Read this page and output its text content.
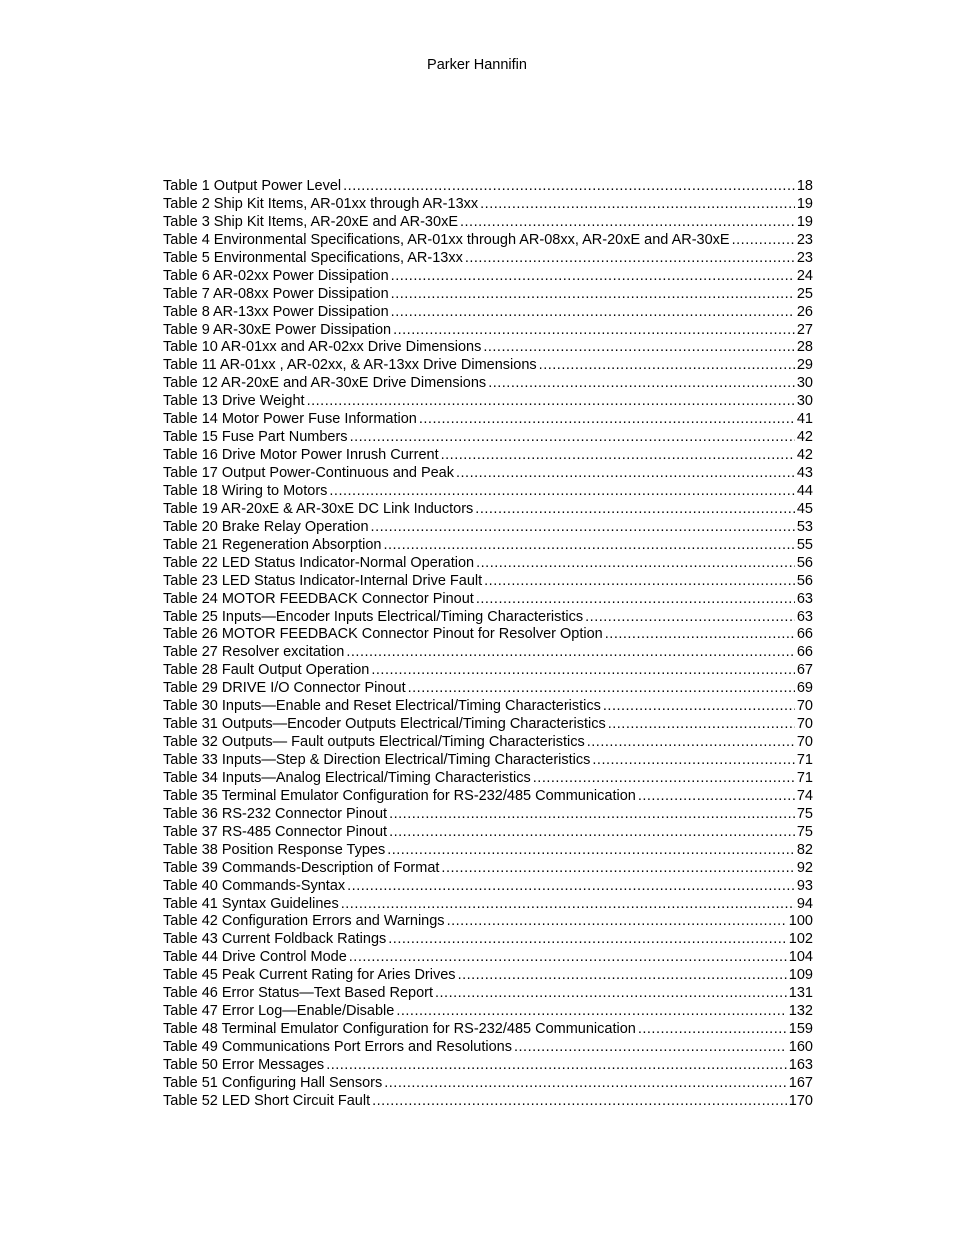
Parker Hannifin
Table 1 Output Power Level .....	18
Table 2 Ship Kit Items, AR-01xx through AR-13xx .....	19
Table 3 Ship Kit Items, AR-20xE and AR-30xE .....	19
Table 4 Environmental Specifications, AR-01xx through AR-08xx, AR-20xE and AR-30xE .....	23
Table 5 Environmental Specifications, AR-13xx .....	23
Table 6 AR-02xx Power Dissipation .....	24
Table 7 AR-08xx Power Dissipation .....	25
Table 8 AR-13xx Power Dissipation .....	26
Table 9 AR-30xE Power Dissipation .....	27
Table 10 AR-01xx and AR-02xx Drive Dimensions .....	28
Table 11 AR-01xx , AR-02xx, & AR-13xx Drive Dimensions .....	29
Table 12 AR-20xE and AR-30xE Drive Dimensions .....	30
Table 13 Drive Weight .....	30
Table 14 Motor Power Fuse Information .....	41
Table 15 Fuse Part Numbers .....	42
Table 16 Drive Motor Power Inrush Current .....	42
Table 17 Output Power-Continuous and Peak .....	43
Table 18 Wiring to Motors .....	44
Table 19 AR-20xE & AR-30xE DC Link Inductors .....	45
Table 20 Brake Relay Operation .....	53
Table 21 Regeneration Absorption .....	55
Table 22 LED Status Indicator-Normal Operation .....	56
Table 23 LED Status Indicator-Internal Drive Fault .....	56
Table 24 MOTOR FEEDBACK Connector Pinout .....	63
Table 25 Inputs—Encoder Inputs Electrical/Timing Characteristics .....	63
Table 26 MOTOR FEEDBACK Connector Pinout for Resolver Option .....	66
Table 27 Resolver excitation .....	66
Table 28 Fault Output Operation .....	67
Table 29 DRIVE I/O Connector Pinout .....	69
Table 30 Inputs—Enable and Reset Electrical/Timing Characteristics .....	70
Table 31 Outputs—Encoder Outputs Electrical/Timing Characteristics .....	70
Table 32 Outputs— Fault outputs Electrical/Timing Characteristics .....	70
Table 33 Inputs—Step & Direction Electrical/Timing Characteristics .....	71
Table 34 Inputs—Analog Electrical/Timing Characteristics .....	71
Table 35 Terminal Emulator Configuration for RS-232/485 Communication .....	74
Table 36 RS-232 Connector Pinout .....	75
Table 37 RS-485 Connector Pinout .....	75
Table 38 Position Response Types .....	82
Table 39 Commands-Description of Format .....	92
Table 40 Commands-Syntax .....	93
Table 41 Syntax Guidelines .....	94
Table 42 Configuration Errors and Warnings .....	100
Table 43 Current Foldback Ratings .....	102
Table 44 Drive Control Mode .....	104
Table 45 Peak Current Rating for Aries Drives .....	109
Table 46 Error Status—Text Based Report .....	131
Table 47 Error Log—Enable/Disable .....	132
Table 48 Terminal Emulator Configuration for RS-232/485 Communication .....	159
Table 49 Communications Port Errors and Resolutions .....	160
Table 50 Error Messages .....	163
Table 51 Configuring Hall Sensors .....	167
Table 52 LED Short Circuit Fault .....	170
